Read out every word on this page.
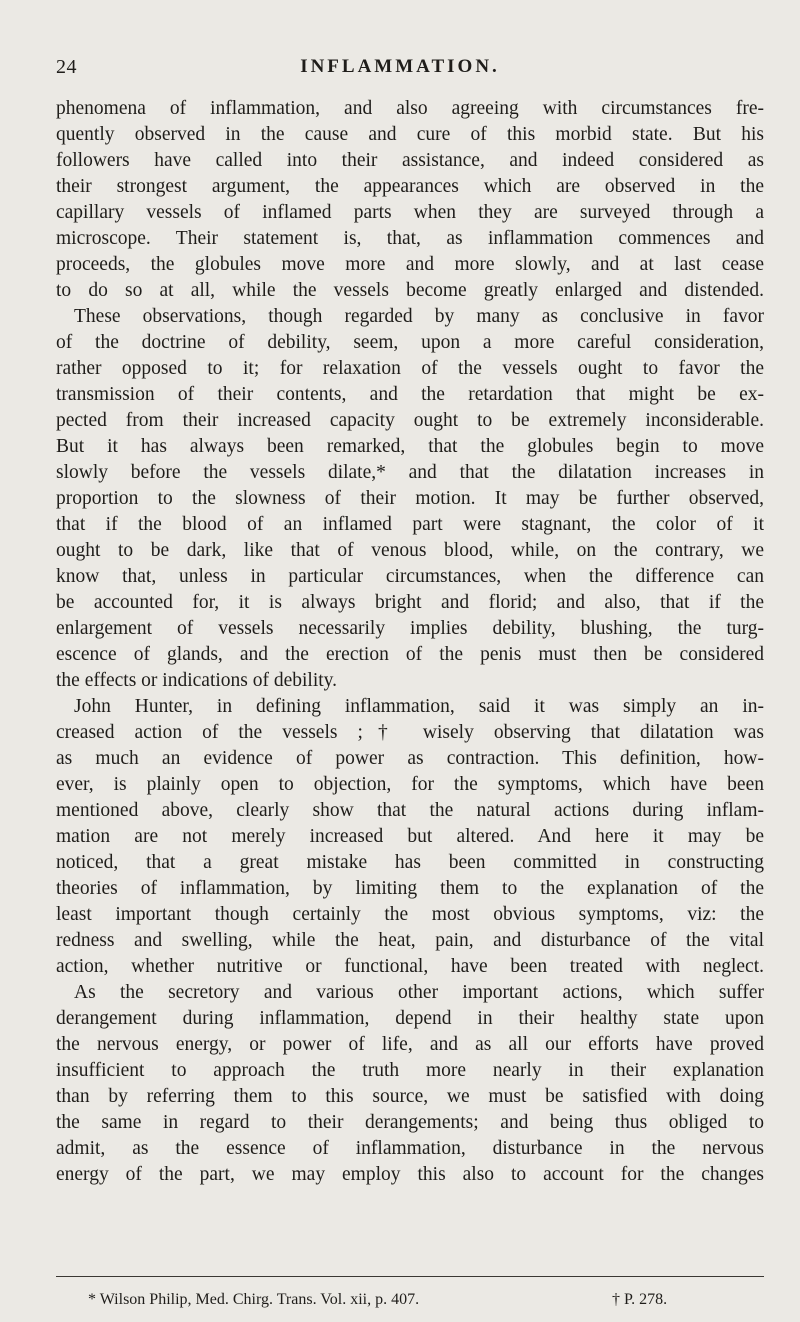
24	INFLAMMATION.
phenomena of inflammation, and also agreeing with circumstances fre-
quently observed in the cause and cure of this morbid state. But his
followers have called into their assistance, and indeed considered as
their strongest argument, the appearances which are observed in the
capillary vessels of inflamed parts when they are surveyed through a
microscope. Their statement is, that, as inflammation commences and
proceeds, the globules move more and more slowly, and at last cease
to do so at all, while the vessels become greatly enlarged and distended.
These observations, though regarded by many as conclusive in favor
of the doctrine of debility, seem, upon a more careful consideration,
rather opposed to it; for relaxation of the vessels ought to favor the
transmission of their contents, and the retardation that might be ex-
pected from their increased capacity ought to be extremely inconsiderable.
But it has always been remarked, that the globules begin to move
slowly before the vessels dilate,* and that the dilatation increases in
proportion to the slowness of their motion. It may be further observed,
that if the blood of an inflamed part were stagnant, the color of it
ought to be dark, like that of venous blood, while, on the contrary, we
know that, unless in particular circumstances, when the difference can
be accounted for, it is always bright and florid; and also, that if the
enlargement of vessels necessarily implies debility, blushing, the turg-
escence of glands, and the erection of the penis must then be considered
the effects or indications of debility.
John Hunter, in defining inflammation, said it was simply an in-
creased action of the vessels ;† wisely observing that dilatation was
as much an evidence of power as contraction. This definition, how-
ever, is plainly open to objection, for the symptoms, which have been
mentioned above, clearly show that the natural actions during inflam-
mation are not merely increased but altered. And here it may be
noticed, that a great mistake has been committed in constructing
theories of inflammation, by limiting them to the explanation of the
least important though certainly the most obvious symptoms, viz: the
redness and swelling, while the heat, pain, and disturbance of the vital
action, whether nutritive or functional, have been treated with neglect.
As the secretory and various other important actions, which suffer
derangement during inflammation, depend in their healthy state upon
the nervous energy, or power of life, and as all our efforts have proved
insufficient to approach the truth more nearly in their explanation
than by referring them to this source, we must be satisfied with doing
the same in regard to their derangements; and being thus obliged to
admit, as the essence of inflammation, disturbance in the nervous
energy of the part, we may employ this also to account for the changes
* Wilson Philip, Med. Chirg. Trans. Vol. xii, p. 407.	† P. 278.
